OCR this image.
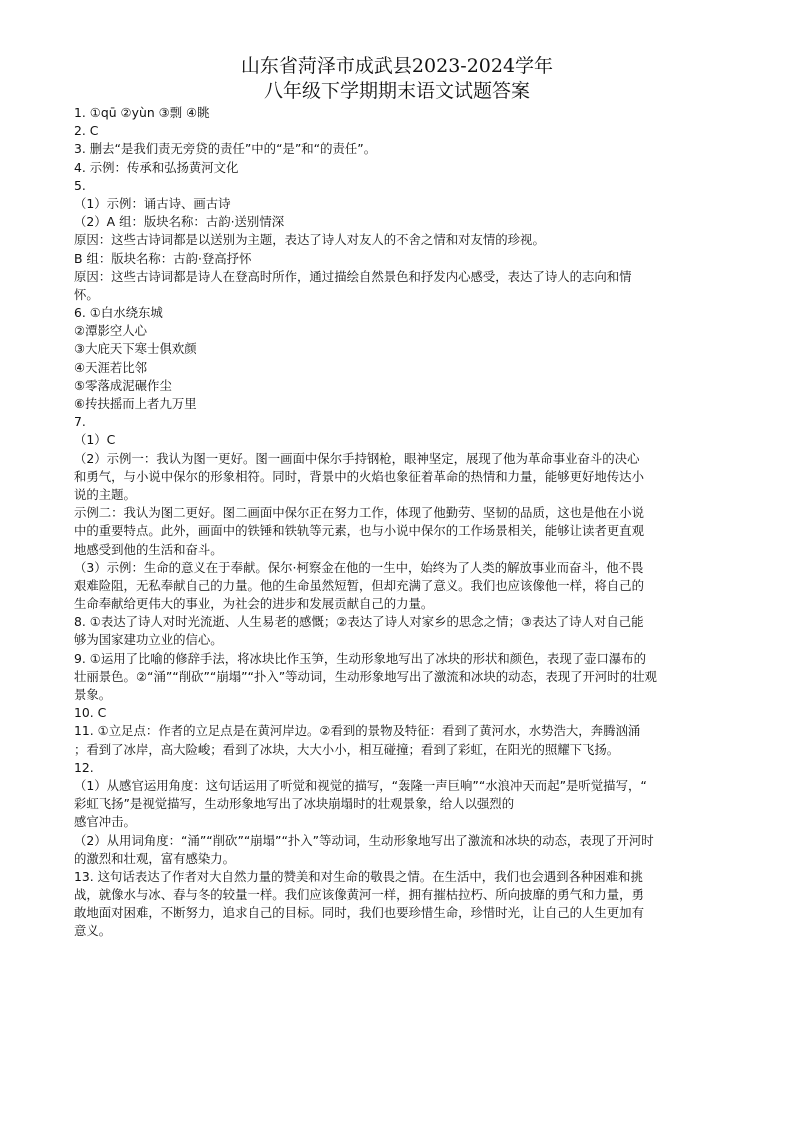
山东省菏泽市成武县2023-2024学年
八年级下学期期末语文试题答案
1. ①qū ②yùn ③剽 ④眺
2. C
3. 删去“是我们责无旁贷的责任”中的“是”和“的责任”。
4. 示例：传承和弘扬黄河文化
5.
（1）示例：诵古诗、画古诗
（2）A 组：版块名称：古韵·送别情深
原因：这些古诗词都是以送别为主题，表达了诗人对友人的不舍之情和对友情的珍视。
B 组：版块名称：古韵·登高抒怀
原因：这些古诗词都是诗人在登高时所作，通过描绘自然景色和抒发内心感受，表达了诗人的志向和情
怀。
6. ①白水绕东城
②潭影空人心
③大庇天下寒士俱欢颜
④天涯若比邻
⑤零落成泥碾作尘
⑥抟扶摇而上者九万里
7.
（1）C
（2）示例一：我认为图一更好。图一画面中保尔手持钢枪，眼神坚定，展现了他为革命事业奋斗的决心
和勇气，与小说中保尔的形象相符。同时，背景中的火焰也象征着革命的热情和力量，能够更好地传达小
说的主题。
示例二：我认为图二更好。图二画面中保尔正在努力工作，体现了他勤劳、坚韧的品质，这也是他在小说
中的重要特点。此外，画面中的铁锤和铁轨等元素，也与小说中保尔的工作场景相关，能够让读者更直观
地感受到他的生活和奋斗。
（3）示例：生命的意义在于奉献。保尔·柯察金在他的一生中，始终为了人类的解放事业而奋斗，他不畏
艰难险阻，无私奉献自己的力量。他的生命虽然短暂，但却充满了意义。我们也应该像他一样，将自己的
生命奉献给更伟大的事业，为社会的进步和发展贡献自己的力量。
8. ①表达了诗人对时光流逝、人生易老的感慨；②表达了诗人对家乡的思念之情；③表达了诗人对自己能
够为国家建功立业的信心。
9. ①运用了比喻的修辞手法，将冰块比作玉笋，生动形象地写出了冰块的形状和颜色，表现了壶口瀑布的
壮丽景色。②“涌”“削砍”“崩塌”“扑入”等动词，生动形象地写出了激流和冰块的动态，表现了开河时的壮观
景象。
10. C
11. ①立足点：作者的立足点是在黄河岸边。②看到的景物及特征：看到了黄河水，水势浩大，奔腾汹涌
；看到了冰岸，高大险峻；看到了冰块，大大小小，相互碰撞；看到了彩虹，在阳光的照耀下飞扬。
12.
（1）从感官运用角度：这句话运用了听觉和视觉的描写，“轰隆一声巨响”“水浪冲天而起”是听觉描写，“
彩虹飞扬”是视觉描写，生动形象地写出了冰块崩塌时的壮观景象，给人以强烈的
感官冲击。
（2）从用词角度：“涌”“削砍”“崩塌”“扑入”等动词，生动形象地写出了激流和冰块的动态，表现了开河时
的激烈和壮观，富有感染力。
13. 这句话表达了作者对大自然力量的赞美和对生命的敬畏之情。在生活中，我们也会遇到各种困难和挑
战，就像水与冰、春与冬的较量一样。我们应该像黄河一样，拥有摧枯拉朽、所向披靡的勇气和力量，勇
敢地面对困难，不断努力，追求自己的目标。同时，我们也要珍惜生命，珍惜时光，让自己的人生更加有
意义。
